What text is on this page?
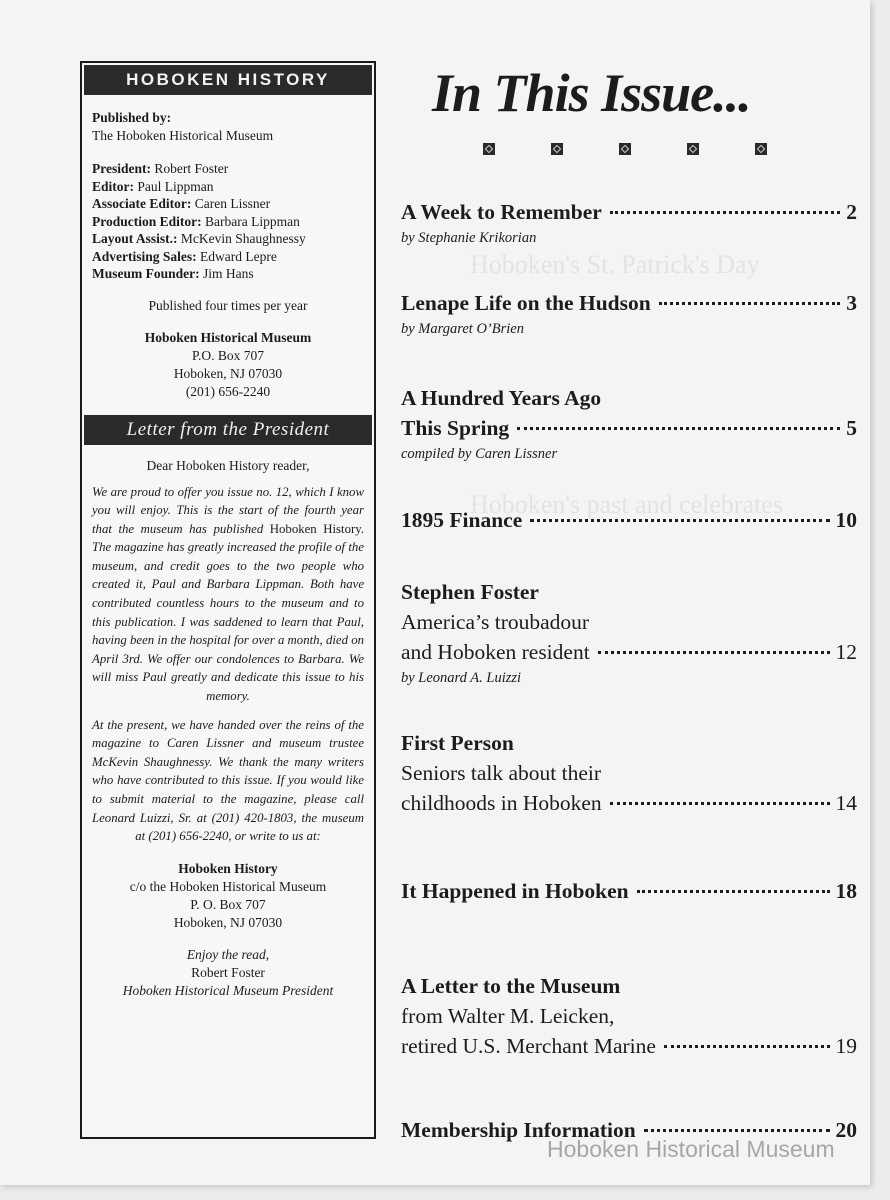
Hoboken's St. Patrick's Day
Hoboken's past and celebrates
HOBOKEN HISTORY
Published by:
The Hoboken Historical Museum
President: Robert Foster
Editor: Paul Lippman
Associate Editor: Caren Lissner
Production Editor: Barbara Lippman
Layout Assist.: McKevin Shaughnessy
Advertising Sales: Edward Lepre
Museum Founder: Jim Hans
Published four times per year
Hoboken Historical Museum
P.O. Box 707
Hoboken, NJ 07030
(201) 656-2240
Letter from the President
Dear Hoboken History reader,

We are proud to offer you issue no. 12, which I know you will enjoy. This is the start of the fourth year that the museum has published Hoboken History. The magazine has greatly increased the profile of the museum, and credit goes to the two people who created it, Paul and Barbara Lippman. Both have contributed countless hours to the museum and to this publication. I was saddened to learn that Paul, having been in the hospital for over a month, died on April 3rd. We offer our condolences to Barbara. We will miss Paul greatly and dedicate this issue to his memory.

At the present, we have handed over the reins of the magazine to Caren Lissner and museum trustee McKevin Shaughnessy. We thank the many writers who have contributed to this issue. If you would like to submit material to the magazine, please call Leonard Luizzi, Sr. at (201) 420-1803, the museum at (201) 656-2240, or write to us at:

Hoboken History
c/o the Hoboken Historical Museum
P. O. Box 707
Hoboken, NJ 07030
Enjoy the read,
Robert Foster
Hoboken Historical Museum President
In This Issue...
A Week to Remember	2
by Stephanie Krikorian
Lenape Life on the Hudson	3
by Margaret O’Brien
A Hundred Years Ago
This Spring	5
compiled by Caren Lissner
1895 Finance	10
Stephen Foster
America’s troubadour
and Hoboken resident	12
by Leonard A. Luizzi
First Person
Seniors talk about their
childhoods in Hoboken	14
It Happened in Hoboken	18
A Letter to the Museum
from Walter M. Leicken,
retired U.S. Merchant Marine	19
Membership Information	20
Hoboken Historical Museum
